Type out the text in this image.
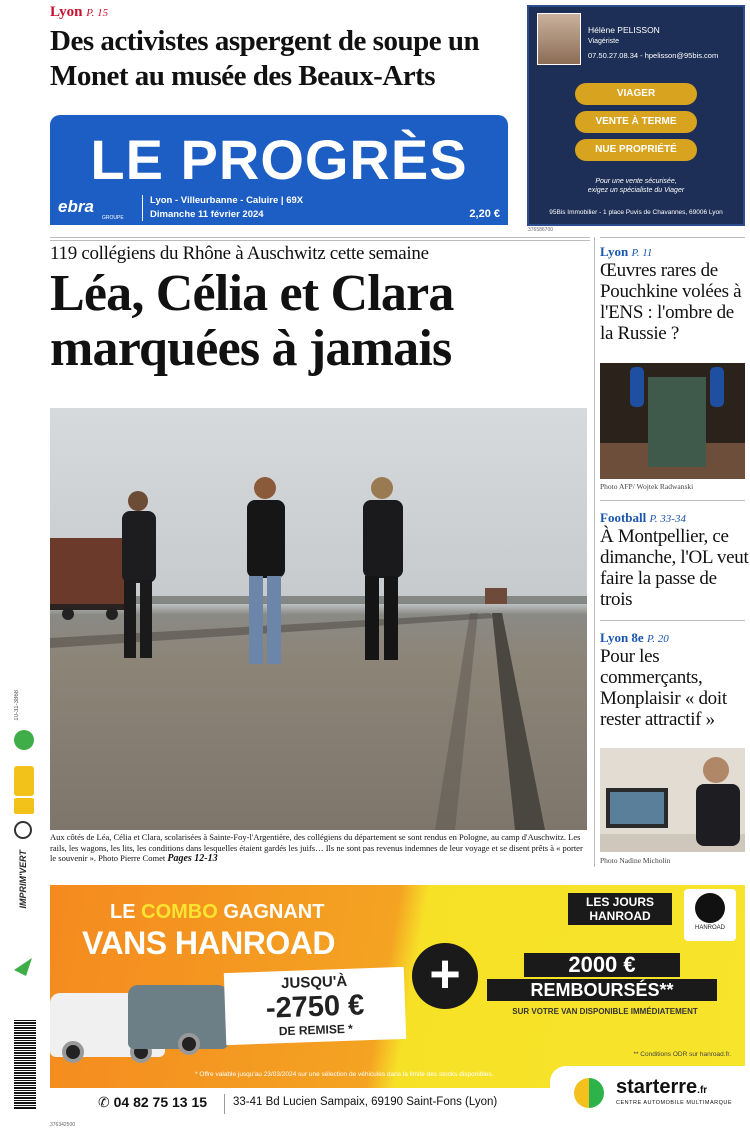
Lyon P. 15
Des activistes aspergent de soupe un Monet au musée des Beaux-Arts
LE PROGRÈS
ebra
GROUPE
Lyon - Villeurbanne - Caluire | 69X
Dimanche 11 février 2024	2,20 €
Hélène PELISSON
Viagériste
07.50.27.08.34 - hpelisson@95bis.com
VIAGER
VENTE À TERME
NUE PROPRIÉTÉ
Pour une vente sécurisée,
exigez un spécialiste du Viager
95Bis Immobilier - 1 place Puvis de Chavannes, 69006 Lyon
376586700
119 collégiens du Rhône à Auschwitz cette semaine
Léa, Célia et Clara marquées à jamais
Aux côtés de Léa, Célia et Clara, scolarisées à Sainte-Foy-l'Argentière, des collégiens du département se sont rendus en Pologne, au camp d'Auschwitz. Les rails, les wagons, les lits, les conditions dans lesquelles étaient gardés les juifs… Ils ne sont pas revenus indemnes de leur voyage et se disent prêts à « porter le souvenir ». Photo Pierre Comet Pages 12-13
Lyon P. 11
Œuvres rares de Pouchkine volées à l'ENS : l'ombre de la Russie ?
Photo AFP/ Wojtek Radwanski
Football P. 33-34
À Montpellier, ce dimanche, l'OL veut faire la passe de trois
Lyon 8e P. 20
Pour les commerçants, Monplaisir « doit rester attractif »
Photo Nadine Micholin
10-31-3868
IMPRIM'VERT
LE COMBO GAGNANT
VANS HANROAD
JUSQU'À
-2750 €
DE REMISE *
+
LES JOURS
HANROAD
HANROAD
2000 €
REMBOURSÉS**
SUR VOTRE VAN DISPONIBLE IMMÉDIATEMENT
** Conditions ODR sur hanroad.fr.
* Offre valable jusqu'au 23/03/2024 sur une sélection de véhicules dans la limite des stocks disponibles.
✆ 04 82 75 13 15 33-41 Bd Lucien Sampaix, 69190 Saint-Fons (Lyon)
starterre.fr
CENTRE AUTOMOBILE MULTIMARQUE
376342500
